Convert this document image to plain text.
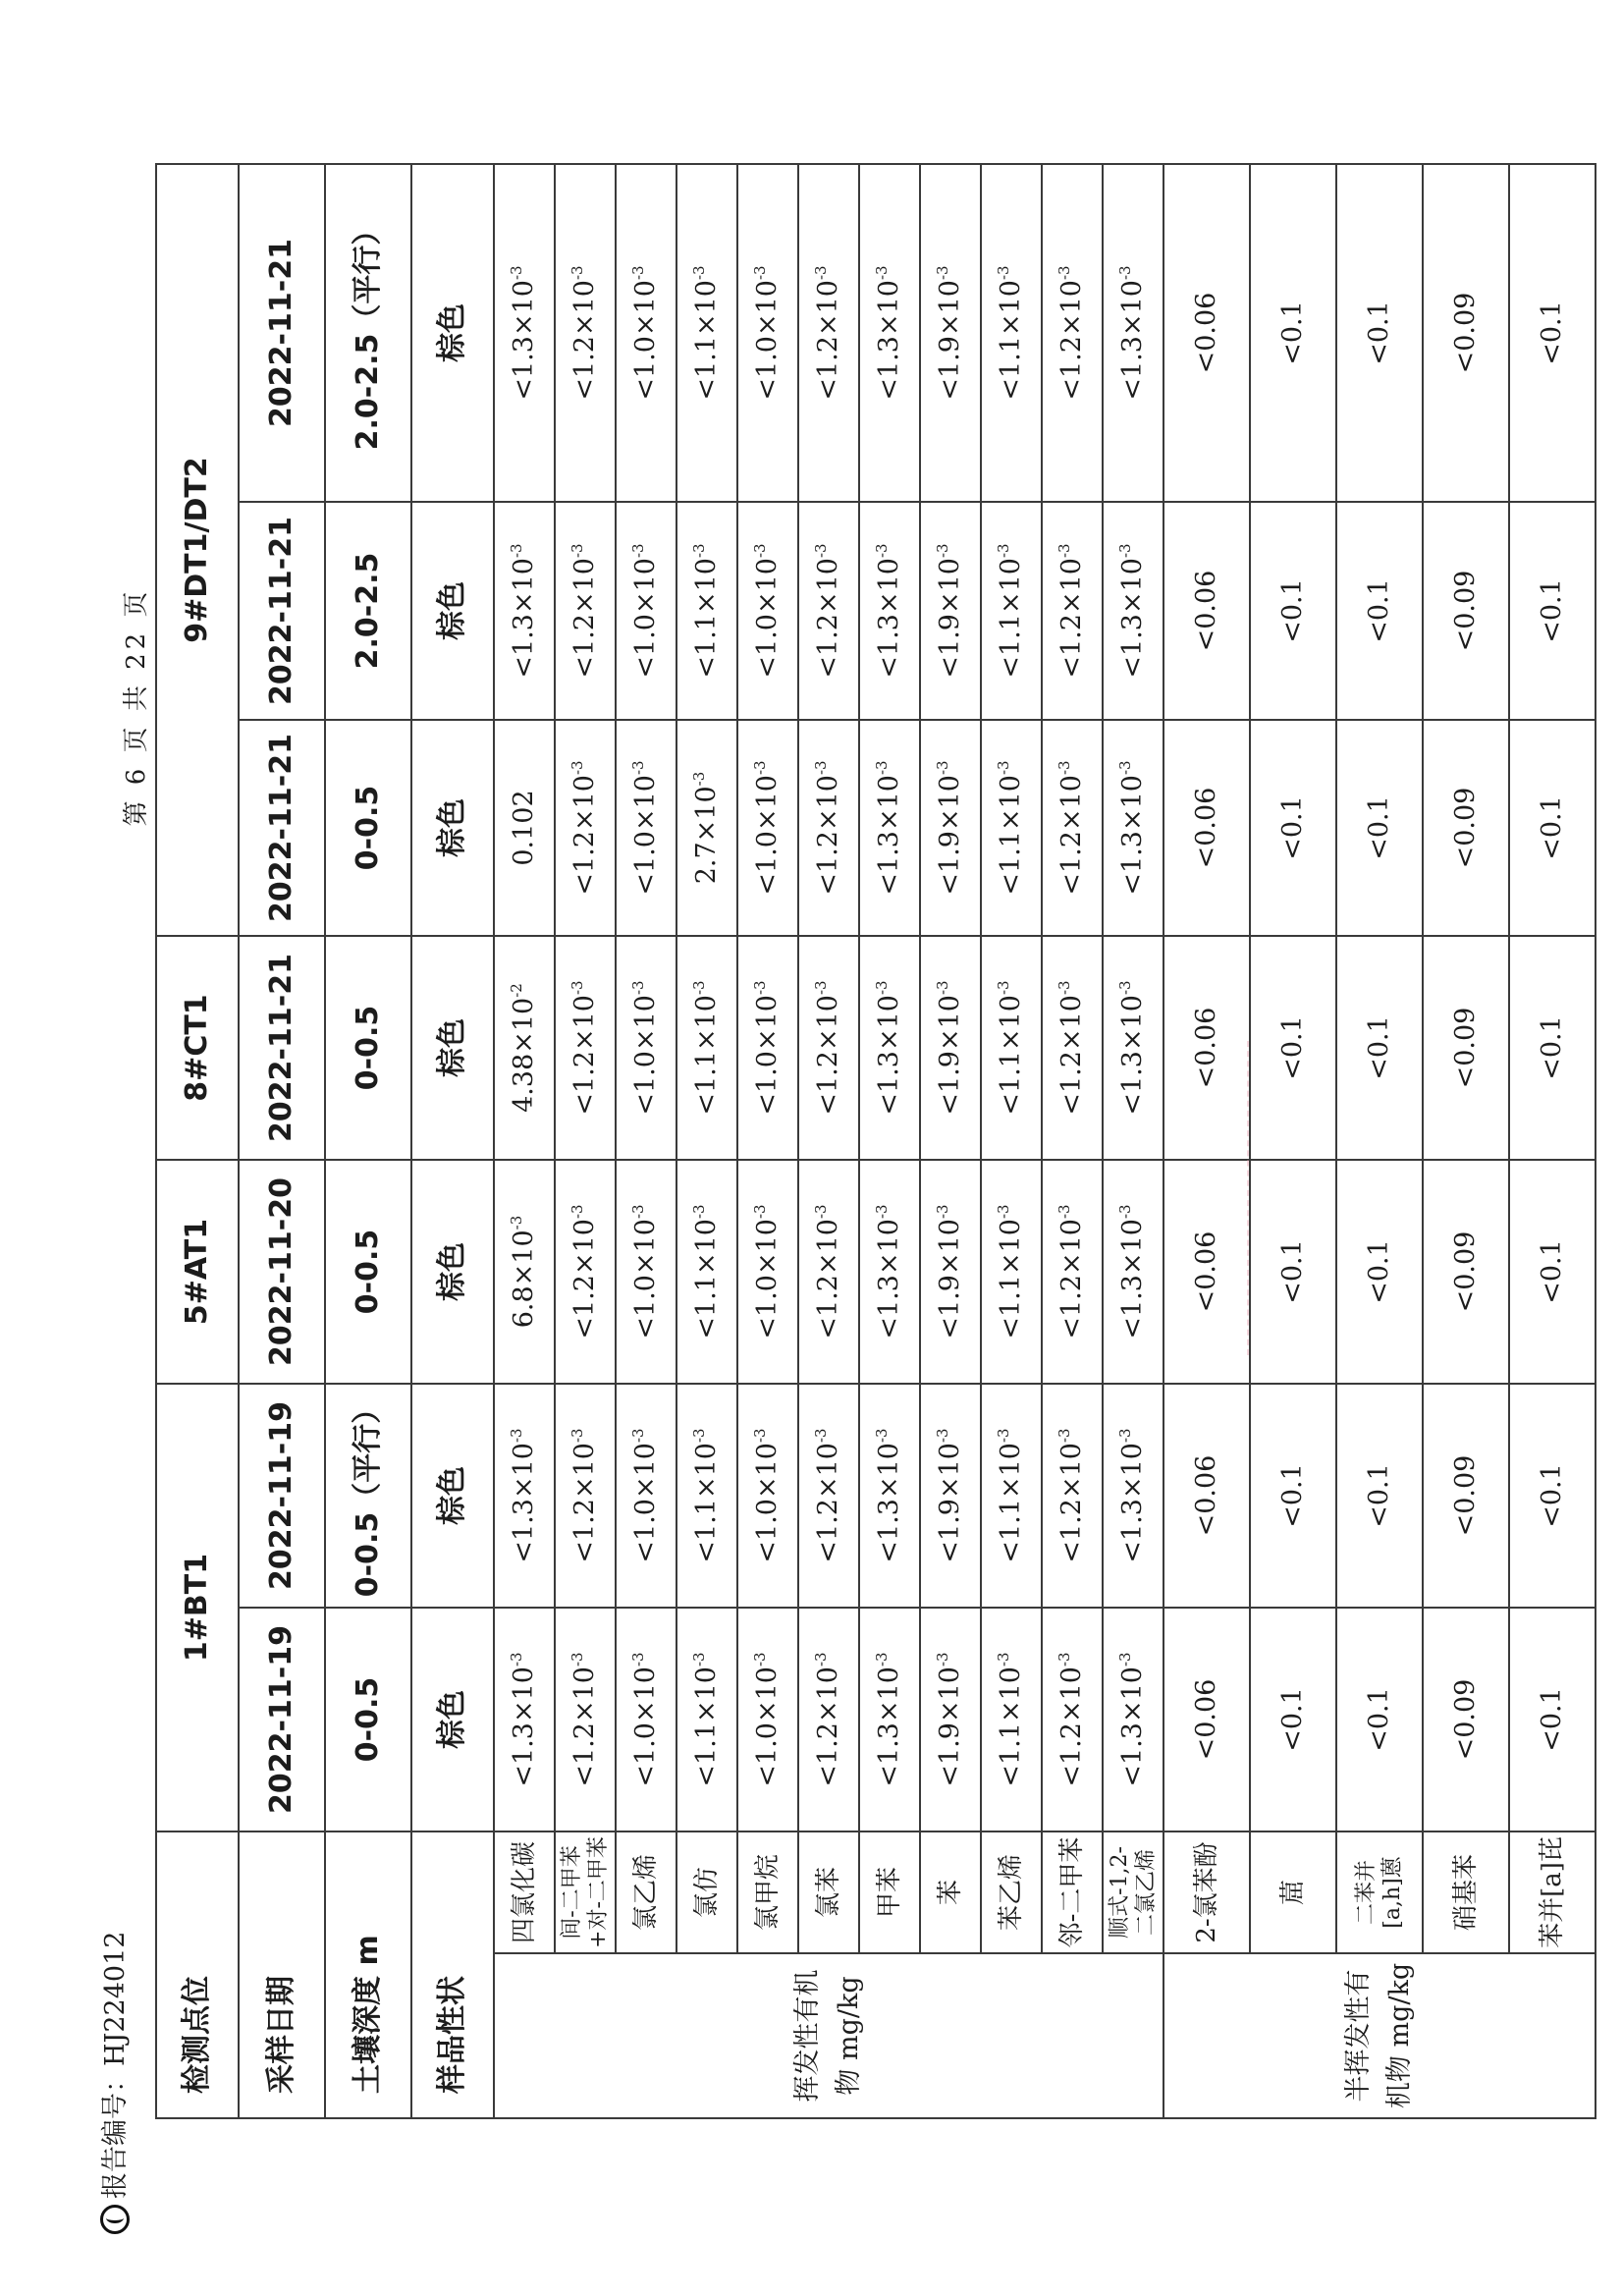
报告编号：HJ224012
第 6 页 共 22 页
检测点位		1#BT1		5#AT1	8#CT1	9#DT1/DT2		
采样日期		2022-11-19	2022-11-19	2022-11-20	2022-11-21	2022-11-21	2022-11-21	2022-11-21
土壤深度 m		0-0.5	0-0.5（平行）	0-0.5	0-0.5	0-0.5	2.0-2.5	2.0-2.5（平行）
样品性状		棕色	棕色	棕色	棕色	棕色	棕色	棕色
挥发性有机物 mg/kg	四氯化碳	$<1.3\times 10^{-3}$	$<1.3\times 10^{-3}$	$6.8\times 10^{-3}$	$4.38\times 10^{-2}$	0.102	$<1.3\times 10^{-3}$	$<1.3\times 10^{-3}$
	间-二甲苯+对-二甲苯	$<1.2\times 10^{-3}$	$<1.2\times 10^{-3}$	$<1.2\times 10^{-3}$	$<1.2\times 10^{-3}$	$<1.2\times 10^{-3}$	$<1.2\times 10^{-3}$	$<1.2\times 10^{-3}$
	氯乙烯	$<1.0\times 10^{-3}$	$<1.0\times 10^{-3}$	$<1.0\times 10^{-3}$	$<1.0\times 10^{-3}$	$<1.0\times 10^{-3}$	$<1.0\times 10^{-3}$	$<1.0\times 10^{-3}$
	氯仿	$<1.1\times 10^{-3}$	$<1.1\times 10^{-3}$	$<1.1\times 10^{-3}$	$<1.1\times 10^{-3}$	$2.7\times 10^{-3}$	$<1.1\times 10^{-3}$	$<1.1\times 10^{-3}$
	氯甲烷	$<1.0\times 10^{-3}$	$<1.0\times 10^{-3}$	$<1.0\times 10^{-3}$	$<1.0\times 10^{-3}$	$<1.0\times 10^{-3}$	$<1.0\times 10^{-3}$	$<1.0\times 10^{-3}$
	氯苯	$<1.2\times 10^{-3}$	$<1.2\times 10^{-3}$	$<1.2\times 10^{-3}$	$<1.2\times 10^{-3}$	$<1.2\times 10^{-3}$	$<1.2\times 10^{-3}$	$<1.2\times 10^{-3}$
	甲苯	$<1.3\times 10^{-3}$	$<1.3\times 10^{-3}$	$<1.3\times 10^{-3}$	$<1.3\times 10^{-3}$	$<1.3\times 10^{-3}$	$<1.3\times 10^{-3}$	$<1.3\times 10^{-3}$
	苯	$<1.9\times 10^{-3}$	$<1.9\times 10^{-3}$	$<1.9\times 10^{-3}$	$<1.9\times 10^{-3}$	$<1.9\times 10^{-3}$	$<1.9\times 10^{-3}$	$<1.9\times 10^{-3}$
	苯乙烯	$<1.1\times 10^{-3}$	$<1.1\times 10^{-3}$	$<1.1\times 10^{-3}$	$<1.1\times 10^{-3}$	$<1.1\times 10^{-3}$	$<1.1\times 10^{-3}$	$<1.1\times 10^{-3}$
	邻-二甲苯	$<1.2\times 10^{-3}$	$<1.2\times 10^{-3}$	$<1.2\times 10^{-3}$	$<1.2\times 10^{-3}$	$<1.2\times 10^{-3}$	$<1.2\times 10^{-3}$	$<1.2\times 10^{-3}$
	顺式-1,2-二氯乙烯	$<1.3\times 10^{-3}$	$<1.3\times 10^{-3}$	$<1.3\times 10^{-3}$	$<1.3\times 10^{-3}$	$<1.3\times 10^{-3}$	$<1.3\times 10^{-3}$	$<1.3\times 10^{-3}$
半挥发性有机物 mg/kg	2-氯苯酚	<0.06	<0.06	<0.06	<0.06	<0.06	<0.06	<0.06
	䓛	<0.1	<0.1	<0.1	<0.1	<0.1	<0.1	<0.1
	二苯并[a,h]蒽	<0.1	<0.1	<0.1	<0.1	<0.1	<0.1	<0.1
	硝基苯	<0.09	<0.09	<0.09	<0.09	<0.09	<0.09	<0.09
	苯并[a]芘	<0.1	<0.1	<0.1	<0.1	<0.1	<0.1	<0.1
